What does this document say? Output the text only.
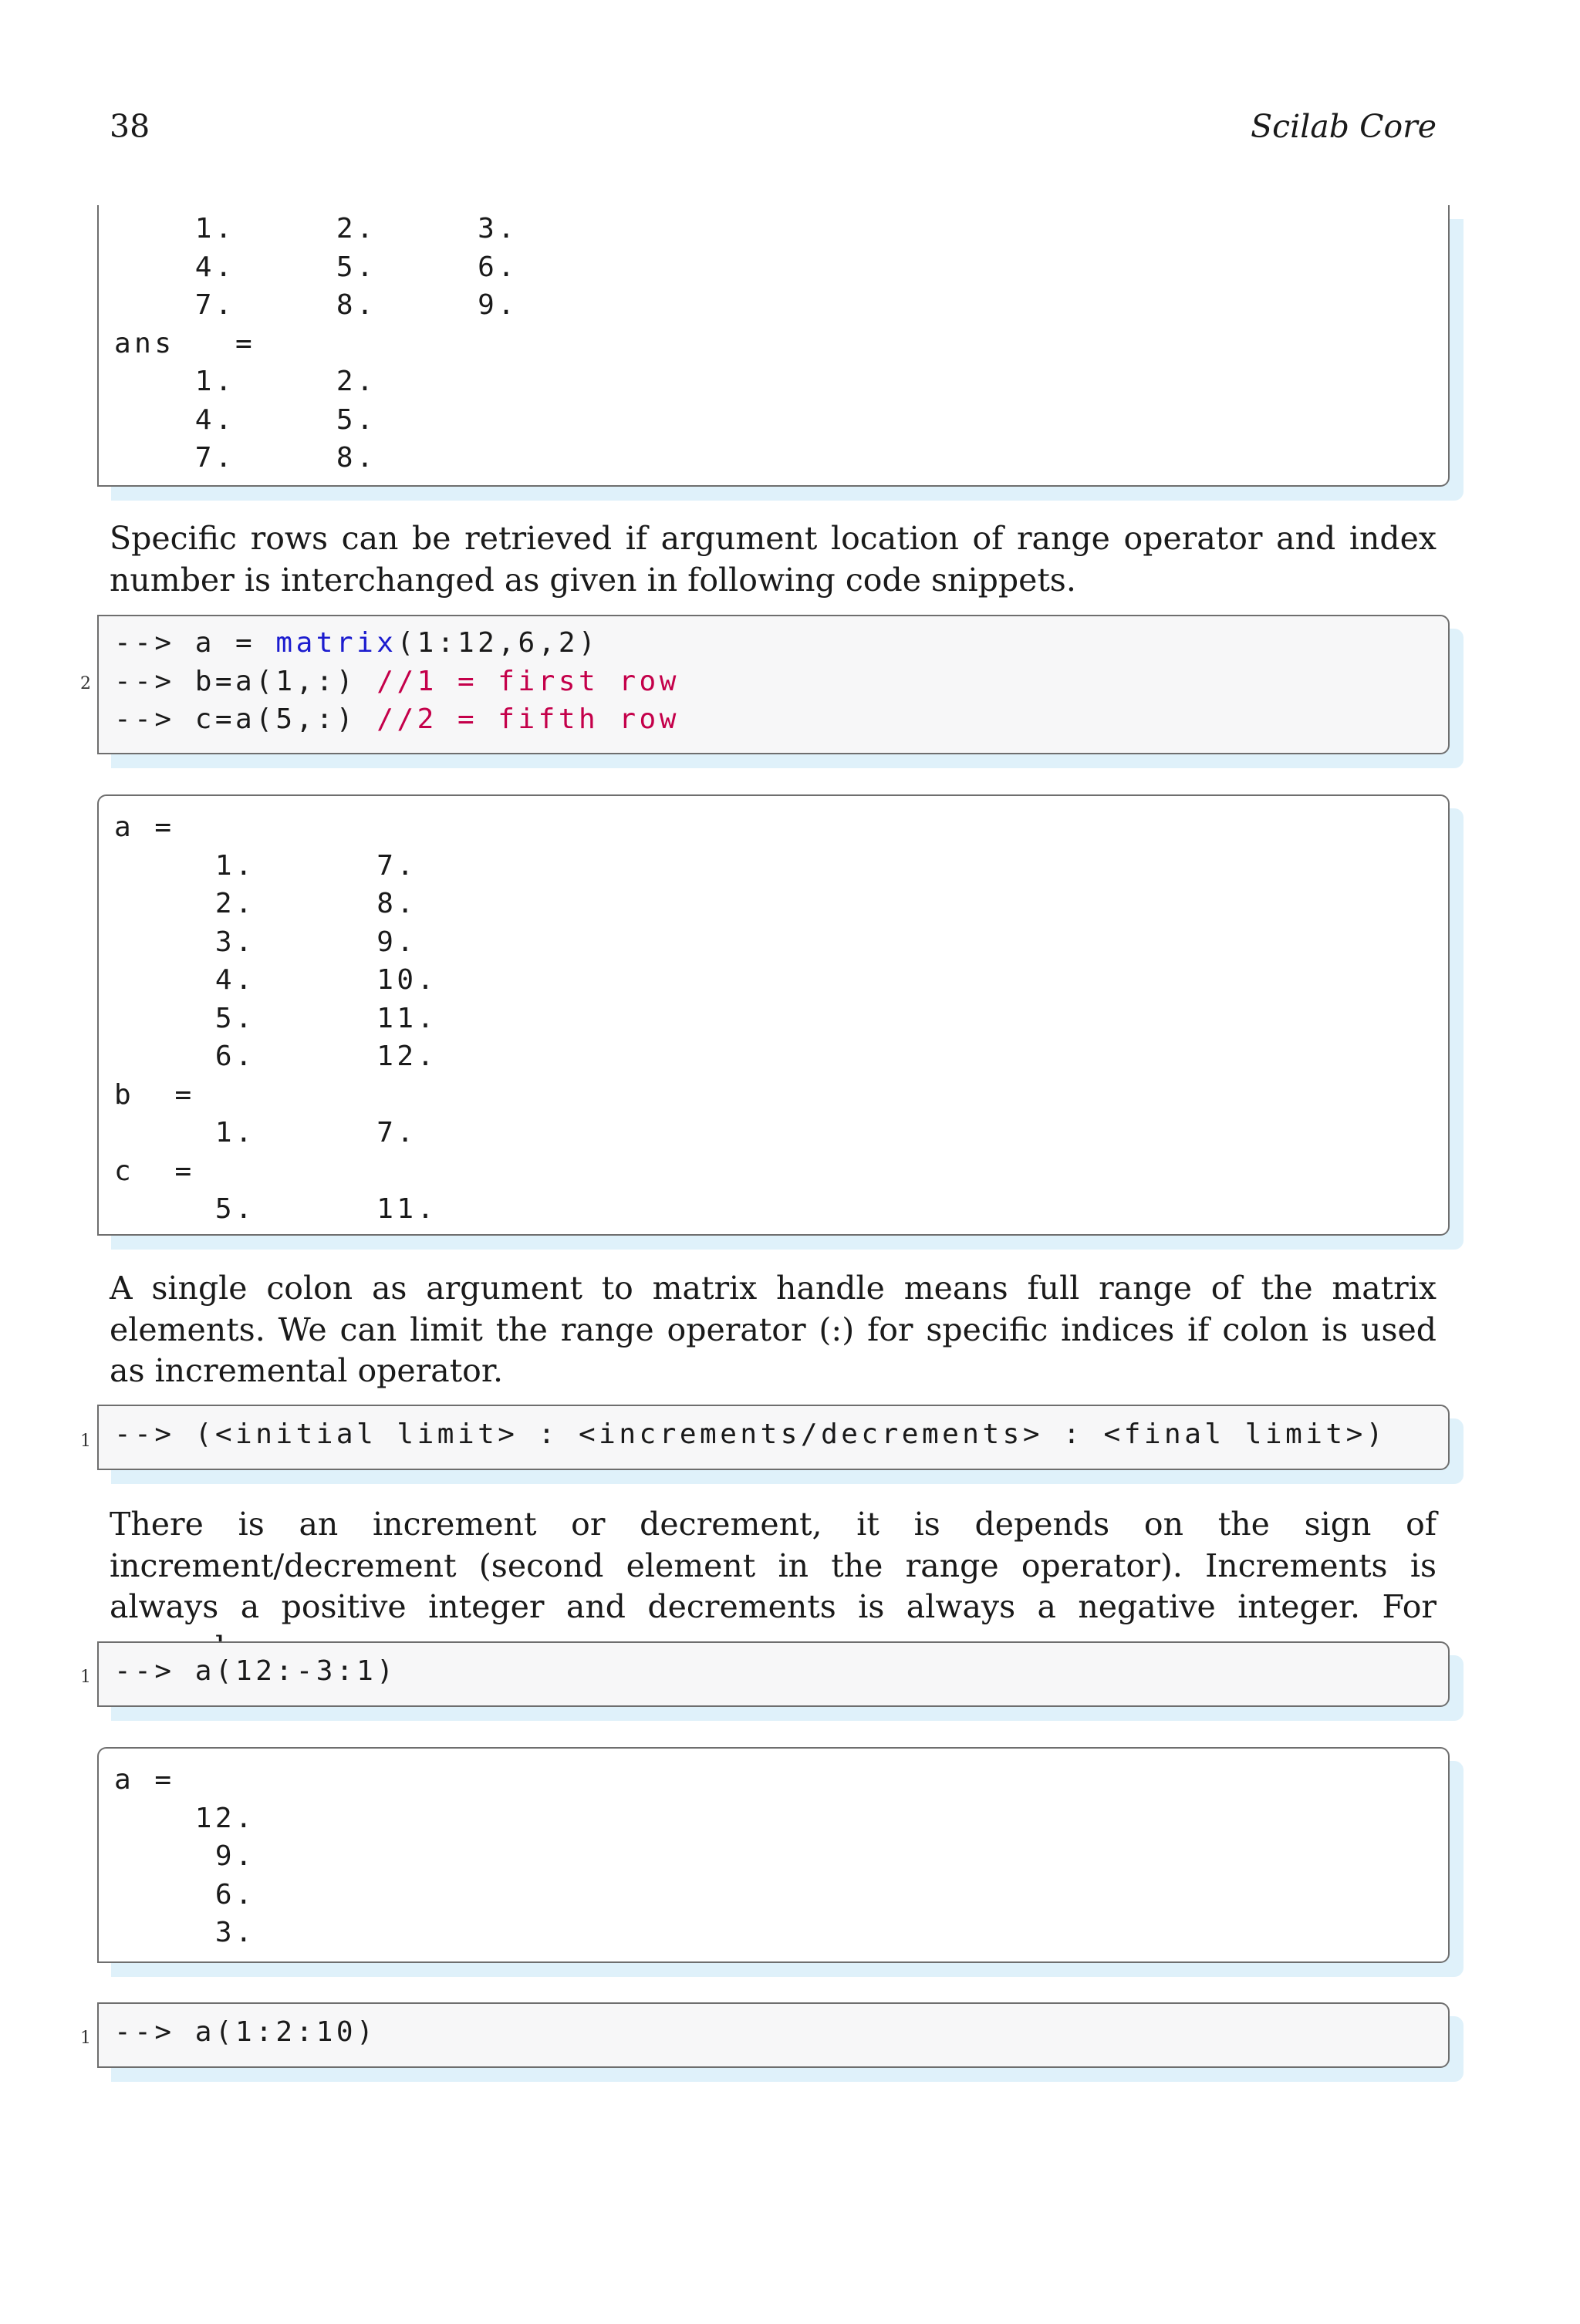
38	Scilab Core
1.     2.     3.
4.     5.     6.
7.     8.     9.
ans   =
1.     2.
4.     5.
7.     8.

Specific rows can be retrieved if argument location of range operator and index number is interchanged as given in following code snippets.

2
--> a = matrix(1:12,6,2)
--> b=a(1,:) //1 = first row
--> c=a(5,:) //2 = fifth row
a =
1.      7.
2.      8.
3.      9.
4.      10.
5.      11.
6.      12.
b  =
1.      7.
c  =
5.      11.

A single colon as argument to matrix handle means full range of the matrix elements. We can limit the range operator (:) for specific indices if colon is used as incremental operator.

1 --> (<initial limit> : <increments/decrements> : <final limit>)

There is an increment or decrement, it is depends on the sign of increment/decrement (second element in the range operator). Increments is always a positive integer and decrements is always a negative integer. For

1 --> a(12:-3:1)
a =
12.
9.
6.
3.
1 --> a(1:2:10)
